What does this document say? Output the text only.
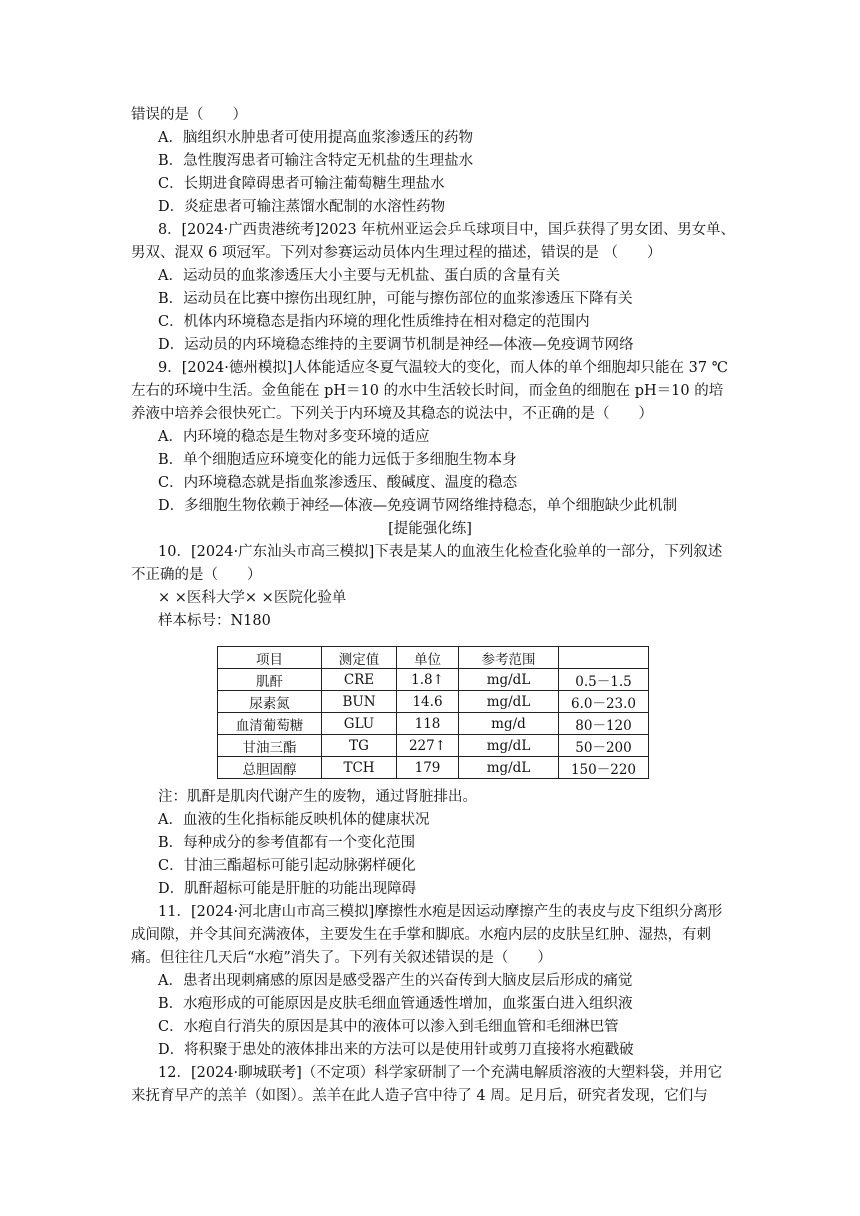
错误的是（　　）
A．脑组织水肿患者可使用提高血浆渗透压的药物
B．急性腹泻患者可输注含特定无机盐的生理盐水
C．长期进食障碍患者可输注葡萄糖生理盐水
D．炎症患者可输注蒸馏水配制的水溶性药物
8．[2024·广西贵港统考]2023 年杭州亚运会乒乓球项目中，国乒获得了男女团、男女单、
男双、混双 6 项冠军。下列对参赛运动员体内生理过程的描述，错误的是 （　　）
A．运动员的血浆渗透压大小主要与无机盐、蛋白质的含量有关
B．运动员在比赛中擦伤出现红肿，可能与擦伤部位的血浆渗透压下降有关
C．机体内环境稳态是指内环境的理化性质维持在相对稳定的范围内
D．运动员的内环境稳态维持的主要调节机制是神经—体液—免疫调节网络
9．[2024·德州模拟]人体能适应冬夏气温较大的变化，而人体的单个细胞却只能在 37 ℃
左右的环境中生活。金鱼能在 pH＝10 的水中生活较长时间，而金鱼的细胞在 pH＝10 的培
养液中培养会很快死亡。下列关于内环境及其稳态的说法中，不正确的是（　　）
A．内环境的稳态是生物对多变环境的适应
B．单个细胞适应环境变化的能力远低于多细胞生物本身
C．内环境稳态就是指血浆渗透压、酸碱度、温度的稳态
D．多细胞生物依赖于神经—体液—免疫调节网络维持稳态，单个细胞缺少此机制
[提能强化练]
10．[2024·广东汕头市高三模拟]下表是某人的血液生化检查化验单的一部分，下列叙述
不正确的是（　　）
× ×医科大学× ×医院化验单
样本标号：N180
项目	测定值	单位	参考范围	
肌酐	CRE	1.8↑	mg/dL	0.5－1.5
尿素氮	BUN	14.6	mg/dL	6.0－23.0
血清葡萄糖	GLU	118	mg/d	80－120
甘油三酯	TG	227↑	mg/dL	50－200
总胆固醇	TCH	179	mg/dL	150－220
注：肌酐是肌肉代谢产生的废物，通过肾脏排出。
A．血液的生化指标能反映机体的健康状况
B．每种成分的参考值都有一个变化范围
C．甘油三酯超标可能引起动脉粥样硬化
D．肌酐超标可能是肝脏的功能出现障碍
11．[2024·河北唐山市高三模拟]摩擦性水疱是因运动摩擦产生的表皮与皮下组织分离形
成间隙，并令其间充满液体，主要发生在手掌和脚底。水疱内层的皮肤呈红肿、湿热，有刺
痛。但往往几天后“水疱”消失了。下列有关叙述错误的是（　　）
A．患者出现刺痛感的原因是感受器产生的兴奋传到大脑皮层后形成的痛觉
B．水疱形成的可能原因是皮肤毛细血管通透性增加，血浆蛋白进入组织液
C．水疱自行消失的原因是其中的液体可以渗入到毛细血管和毛细淋巴管
D．将积聚于患处的液体排出来的方法可以是使用针或剪刀直接将水疱戳破
12．[2024·聊城联考]（不定项）科学家研制了一个充满电解质溶液的大塑料袋，并用它
来抚育早产的羔羊（如图）。羔羊在此人造子宫中待了 4 周。足月后，研究者发现，它们与
